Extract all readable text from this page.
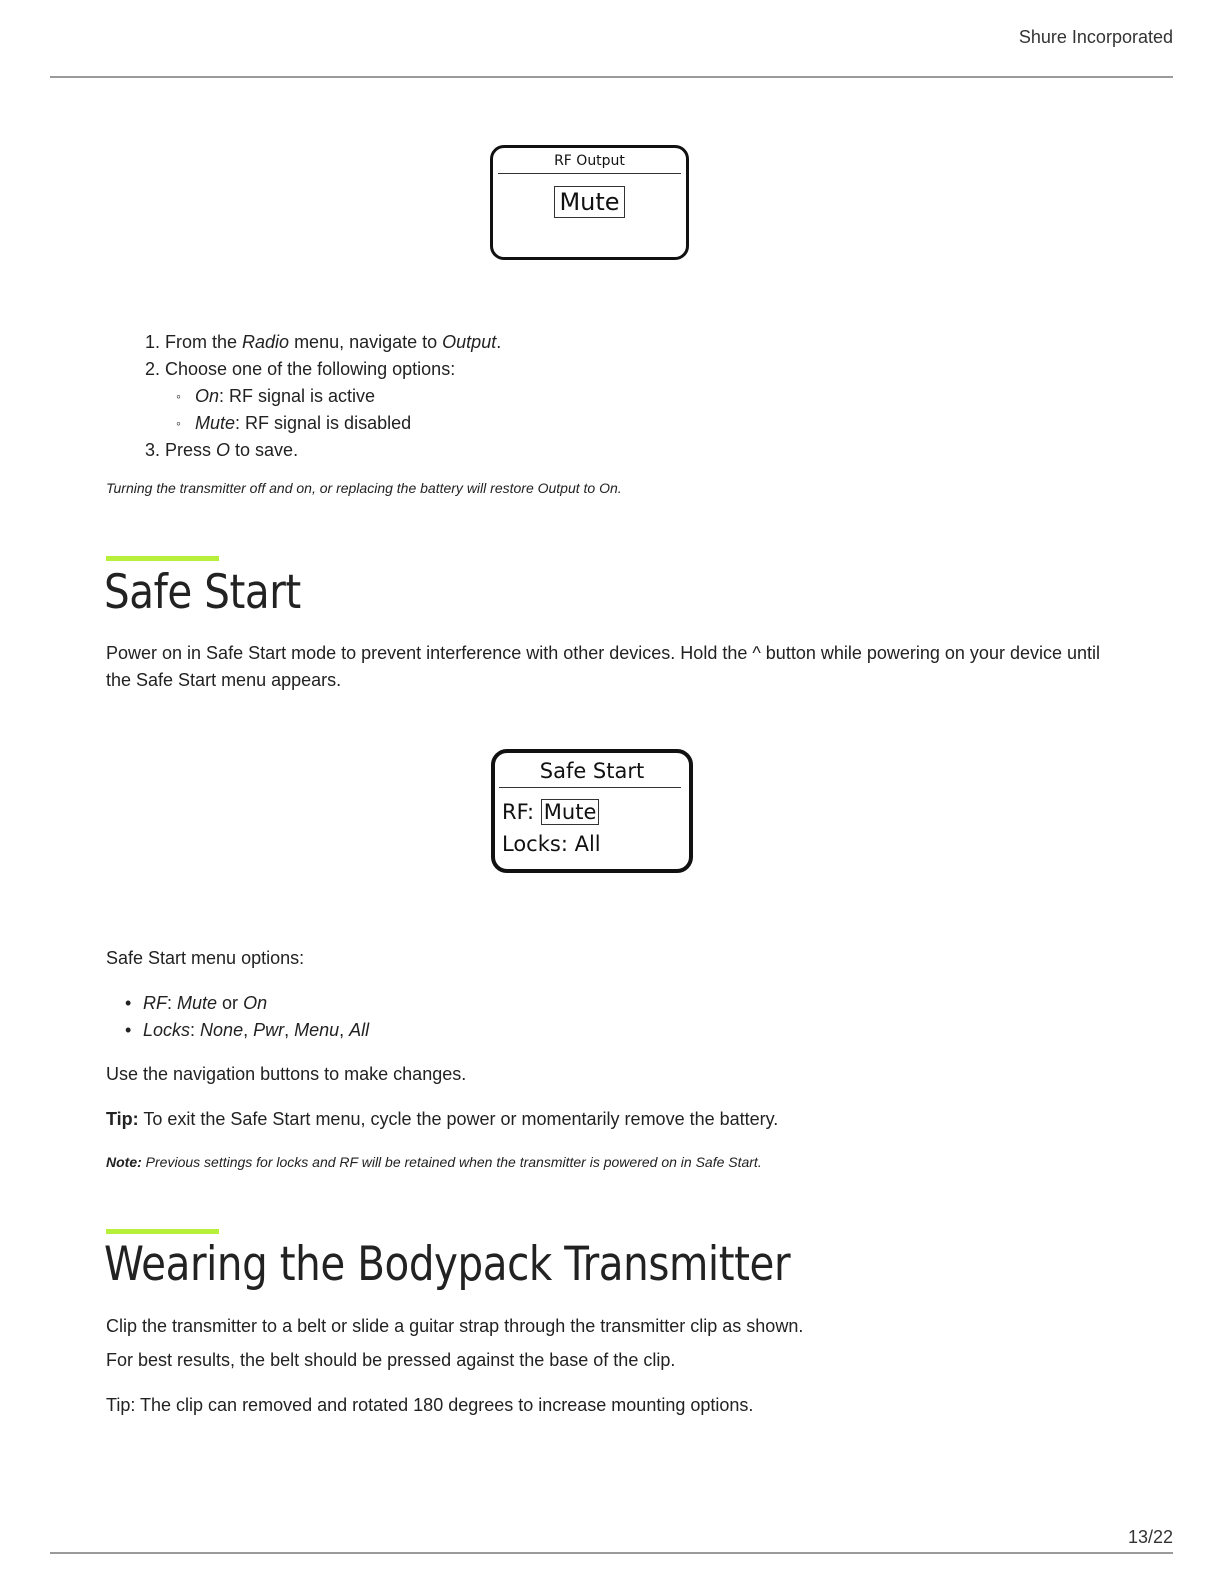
Shure Incorporated
RF Output
Mute
1. From the Radio menu, navigate to Output.
2. Choose one of the following options:
◦ On: RF signal is active
◦ Mute: RF signal is disabled
3. Press O to save.
Turning the transmitter off and on, or replacing the battery will restore Output to On.
Safe Start

Power on in Safe Start mode to prevent interference with other devices. Hold the ^ button while powering on your device until the Safe Start menu appears.

Safe Start
RF: Mute
Locks: All

Safe Start menu options:

• RF: Mute or On
• Locks: None, Pwr, Menu, All

Use the navigation buttons to make changes.

Tip: To exit the Safe Start menu, cycle the power or momentarily remove the battery.

Note: Previous settings for locks and RF will be retained when the transmitter is powered on in Safe Start.
Wearing the Bodypack Transmitter

Clip the transmitter to a belt or slide a guitar strap through the transmitter clip as shown.

For best results, the belt should be pressed against the base of the clip.

Tip: The clip can removed and rotated 180 degrees to increase mounting options.

13/22
